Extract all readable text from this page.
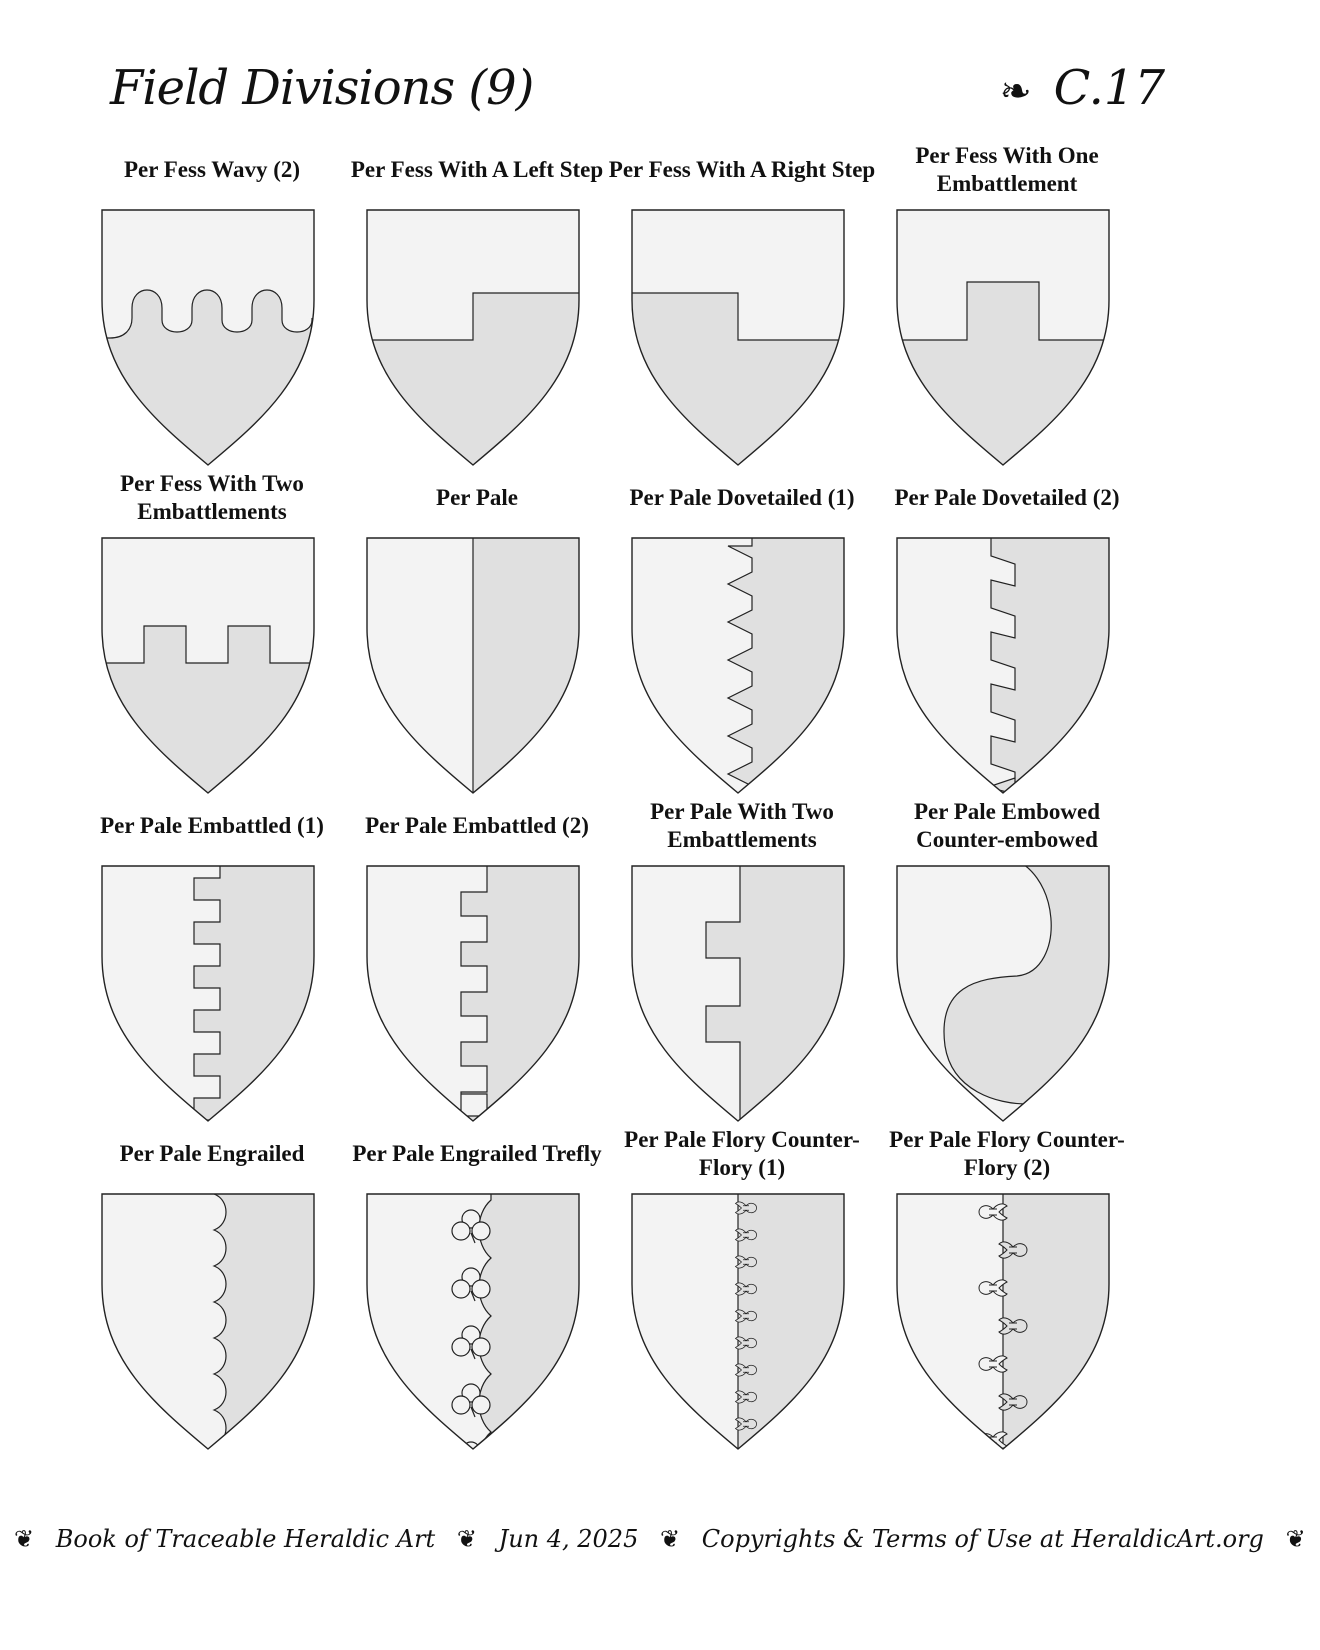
Field Divisions (9)	❧ C.17
Per Fess Wavy (2)	Per Fess With A Left Step Per Fess With A Right Step
Per Fess With One Embattlement
Per Fess With Two Embattlements
Per Pale	Per Pale Dovetailed (1)	Per Pale Dovetailed (2)
Per Pale Embattled (1)	Per Pale Embattled (2)
Per Pale With Two Embattlements
Per Pale Embowed Counter-embowed
Per Pale Engrailed	Per Pale Engrailed Trefly
Per Pale Flory Counter-Flory (1)
Per Pale Flory Counter-Flory (2)
❦ Book of Traceable Heraldic Art ❦ Jun 4, 2025 ❦ Copyrights & Terms of Use at HeraldicArt.org ❦
